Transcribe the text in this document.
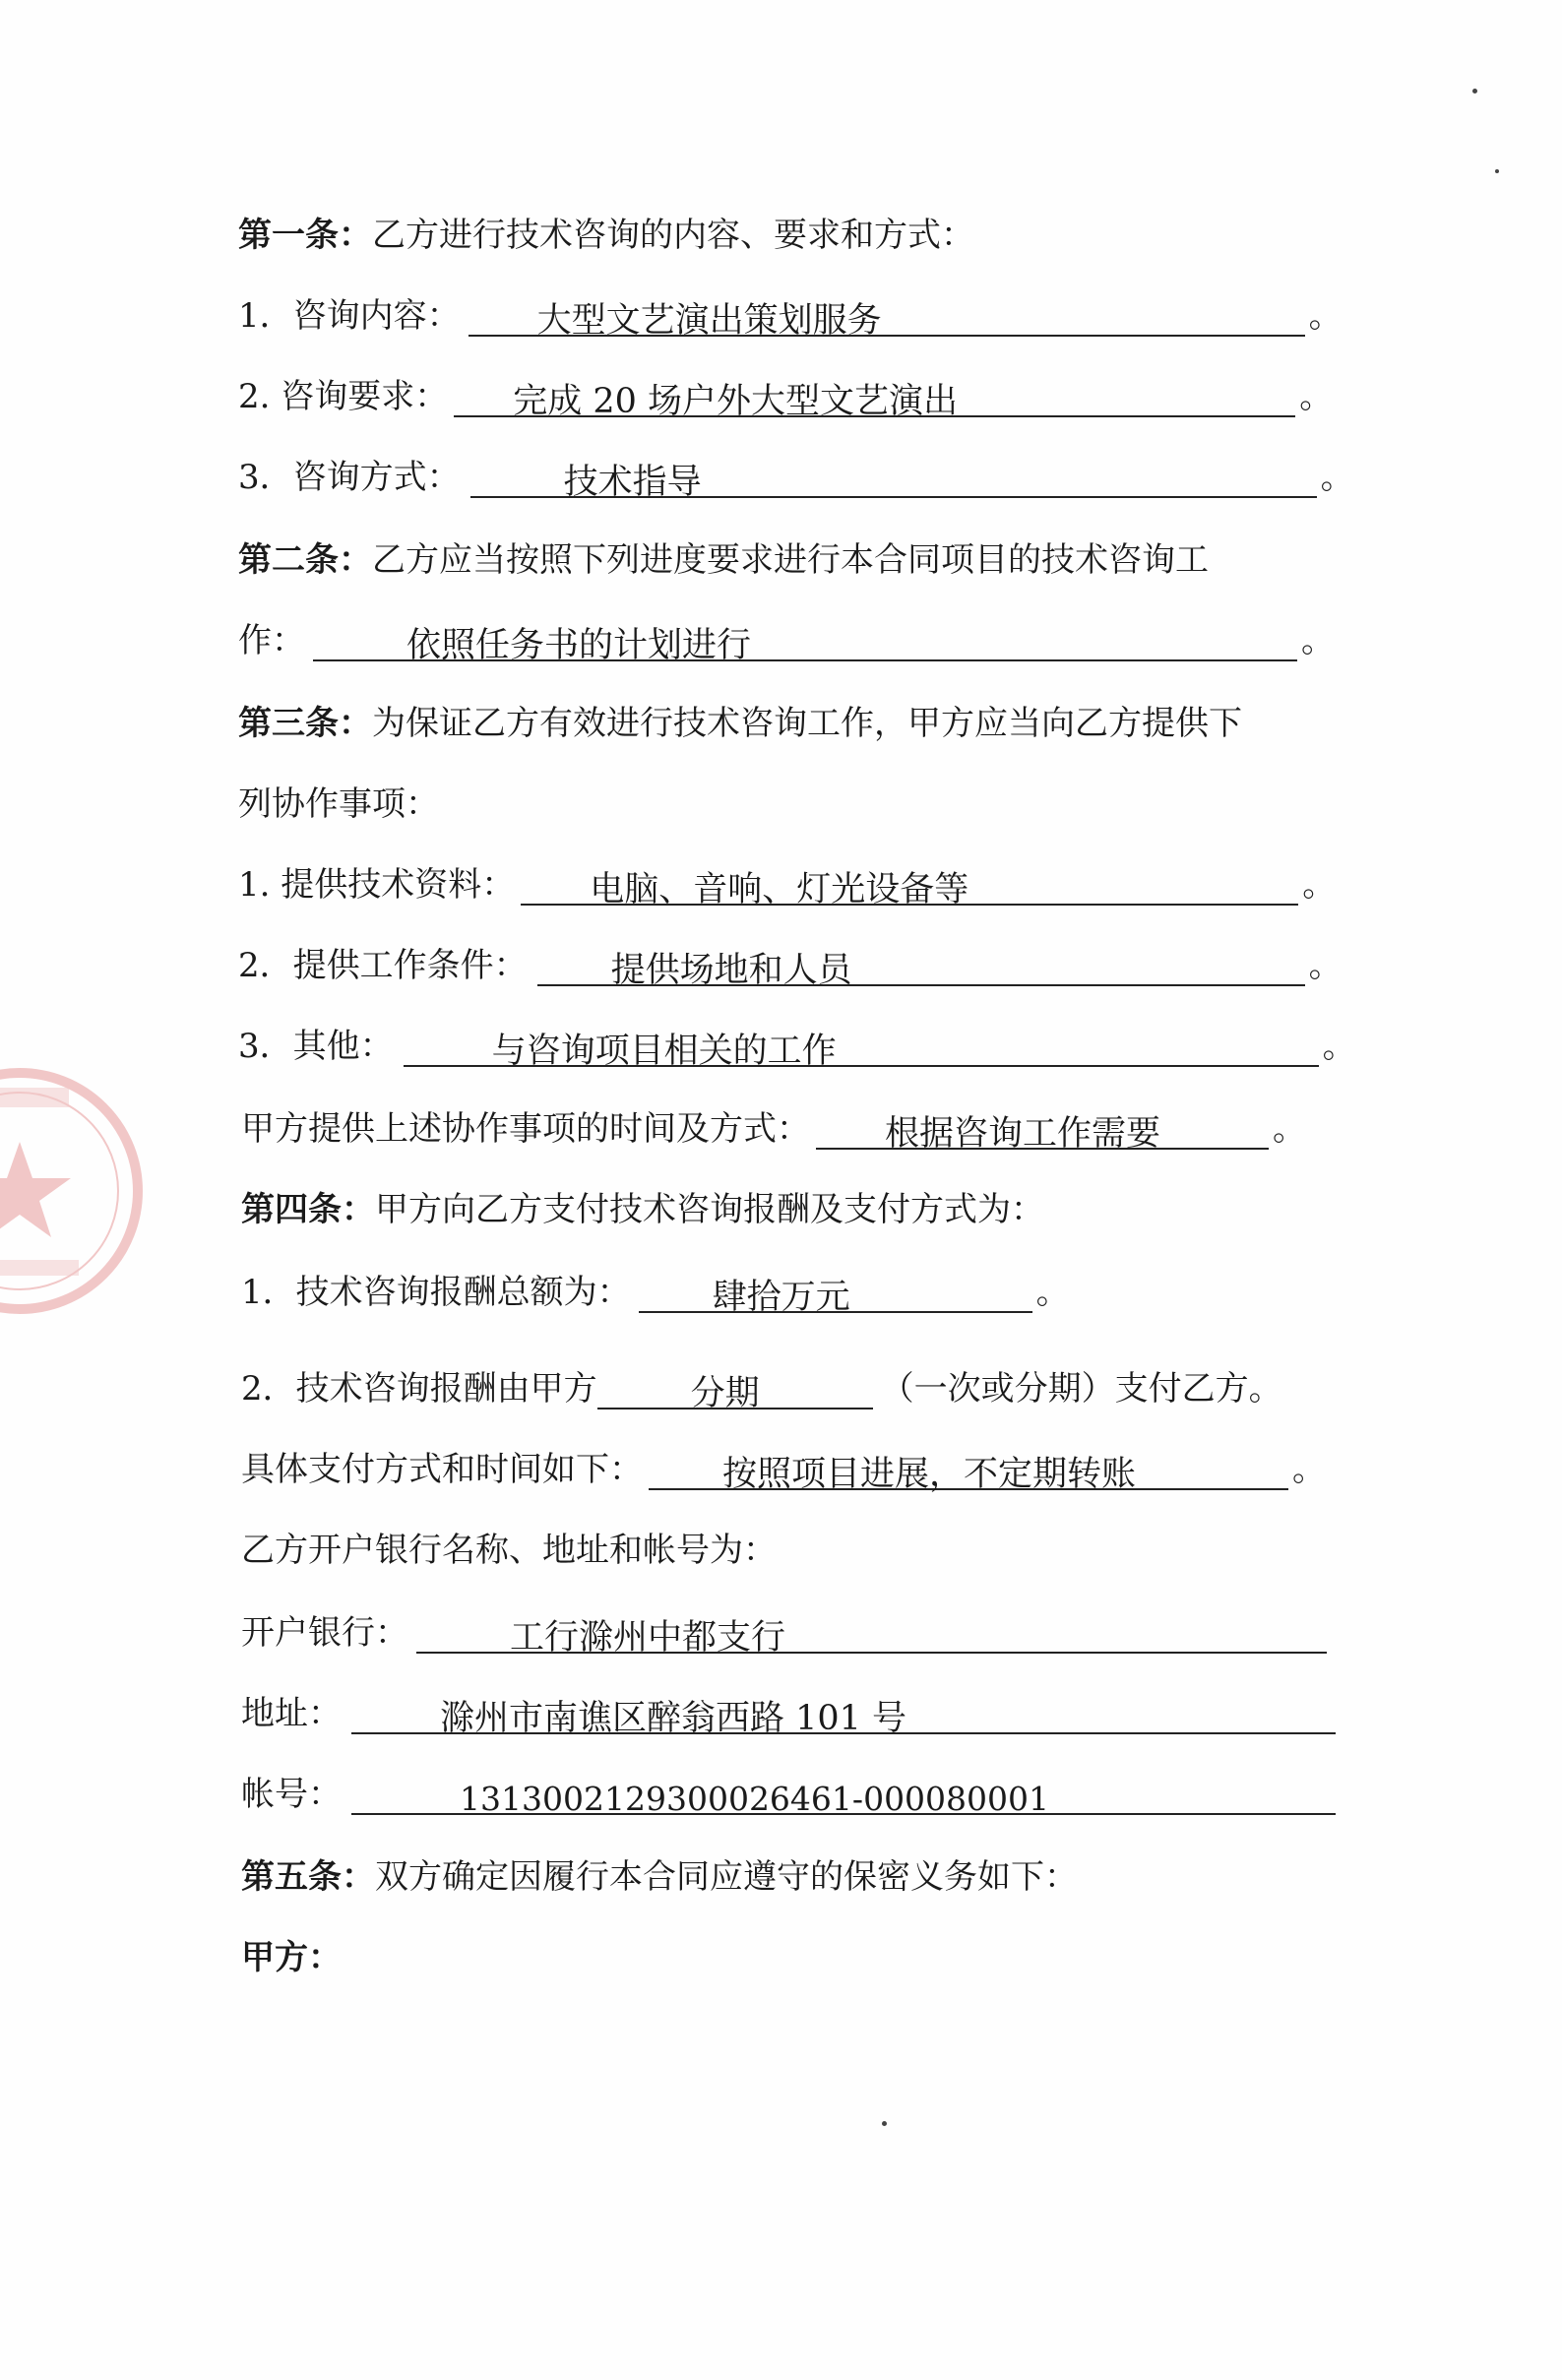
第一条： 乙方进行技术咨询的内容、要求和方式：
1．咨询内容：	大型文艺演出策划服务	。
2. 咨询要求：	完成 20 场户外大型文艺演出	。
3．咨询方式：	技术指导	。
第二条： 乙方应当按照下列进度要求进行本合同项目的技术咨询工
作：	依照任务书的计划进行	。
第三条： 为保证乙方有效进行技术咨询工作，甲方应当向乙方提供下
列协作事项：
1. 提供技术资料：	电脑、音响、灯光设备等	。
2．提供工作条件：	提供场地和人员	。
3．其他：	与咨询项目相关的工作	。
甲方提供上述协作事项的时间及方式：	根据咨询工作需要	。
第四条： 甲方向乙方支付技术咨询报酬及支付方式为：
1．技术咨询报酬总额为：	肆拾万元	。
2．技术咨询报酬由甲方	分期	（一次或分期）支付乙方。
具体支付方式和时间如下：	按照项目进展，不定期转账	。
乙方开户银行名称、地址和帐号为：
开户银行：	工行滁州中都支行
地址：	滁州市南谯区醉翁西路 101 号
帐号：	1313002129300026461-000080001
第五条： 双方确定因履行本合同应遵守的保密义务如下：
甲方：
